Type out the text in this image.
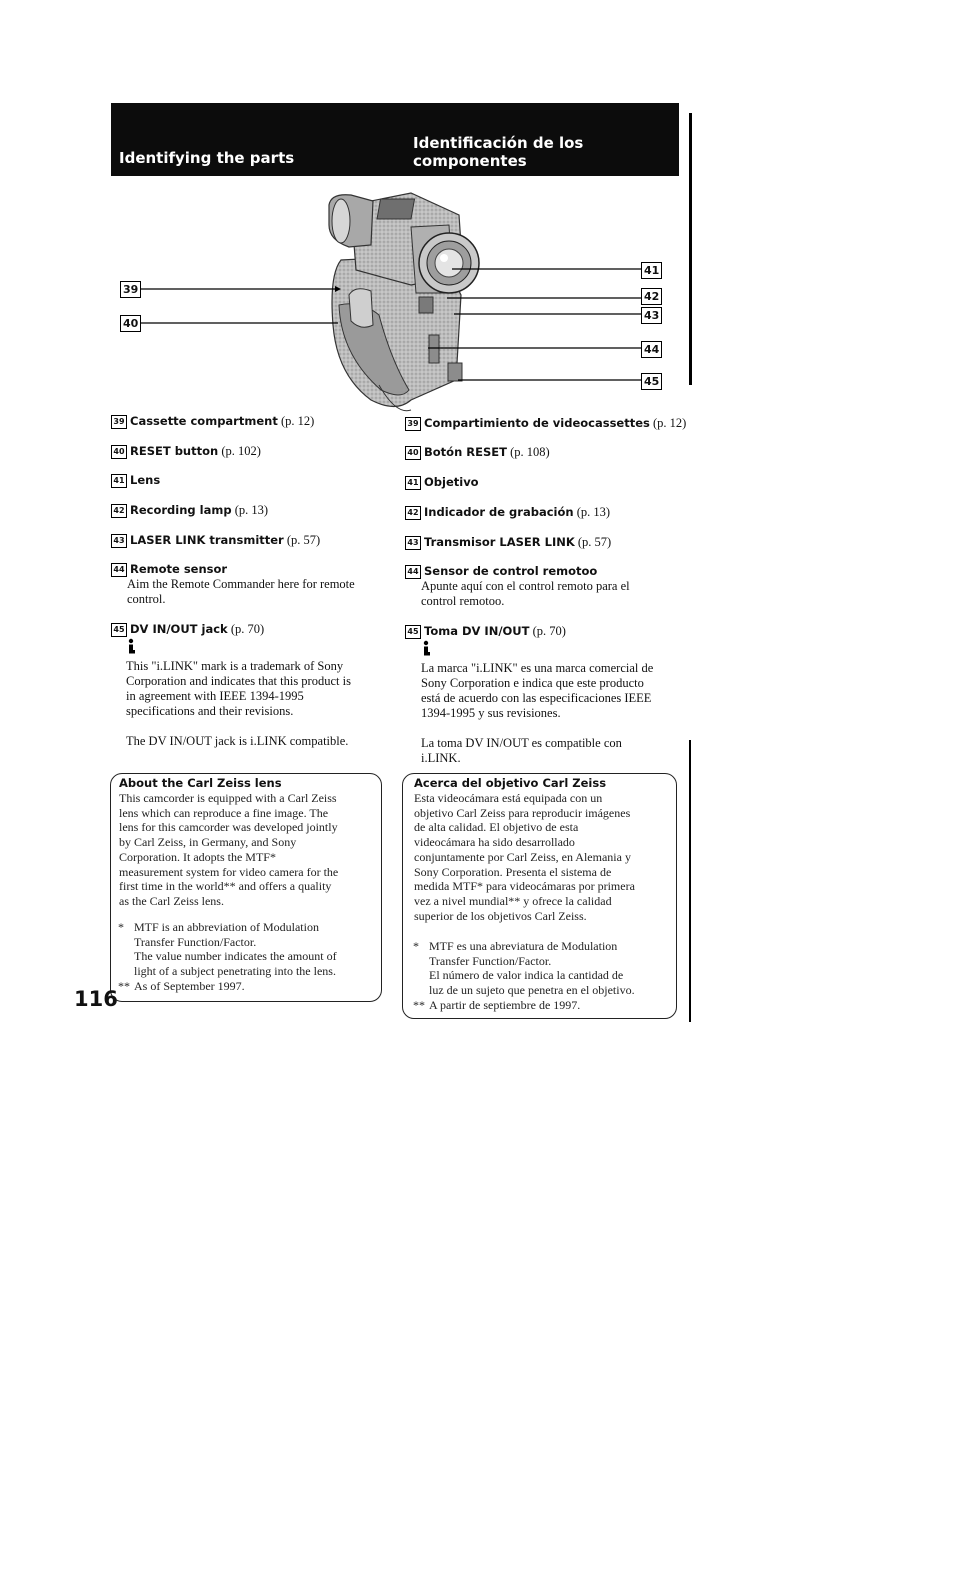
Identifying the parts
Identificación de los
componentes
39
40
41
42
43
44
45
39 Cassette compartment (p. 12)
40 RESET button (p. 102)
41 Lens
42 Recording lamp (p. 13)
43 LASER LINK transmitter (p. 57)
44 Remote sensor
Aim the Remote Commander here for remote
control.
45 DV IN/OUT jack (p. 70)
This "i.LINK" mark is a trademark of Sony
Corporation and indicates that this product is
in agreement with IEEE 1394-1995
specifications and their revisions.
The DV IN/OUT jack is i.LINK compatible.
39 Compartimiento de videocassettes (p. 12)
40 Botón RESET (p. 108)
41 Objetivo
42 Indicador de grabación (p. 13)
43 Transmisor LASER LINK (p. 57)
44 Sensor de control remotoo
Apunte aquí con el control remoto para el
control remotoo.
45 Toma DV IN/OUT (p. 70)
La marca "i.LINK" es una marca comercial de
Sony Corporation e indica que este producto
está de acuerdo con las especificaciones IEEE
1394-1995 y sus revisiones.
La toma DV IN/OUT es compatible con
i.LINK.
About the Carl Zeiss lens
This camcorder is equipped with a Carl Zeiss
lens which can reproduce a fine image. The
lens for this camcorder was developed jointly
by Carl Zeiss, in Germany, and Sony
Corporation. It adopts the MTF*
measurement system for video camera for the
first time in the world** and offers a quality
as the Carl Zeiss lens.
* MTF is an abbreviation of Modulation
Transfer Function/Factor.
The value number indicates the amount of
light of a subject penetrating into the lens.
** As of September 1997.
Acerca del objetivo Carl Zeiss
Esta videocámara está equipada con un
objetivo Carl Zeiss para reproducir imágenes
de alta calidad. El objetivo de esta
videocámara ha sido desarrollado
conjuntamente por Carl Zeiss, en Alemania y
Sony Corporation. Presenta el sistema de
medida MTF* para videocámaras por primera
vez a nivel mundial** y ofrece la calidad
superior de los objetivos Carl Zeiss.
* MTF es una abreviatura de Modulation
Transfer Function/Factor.
El número de valor indica la cantidad de
luz de un sujeto que penetra en el objetivo.
** A partir de septiembre de 1997.
116
